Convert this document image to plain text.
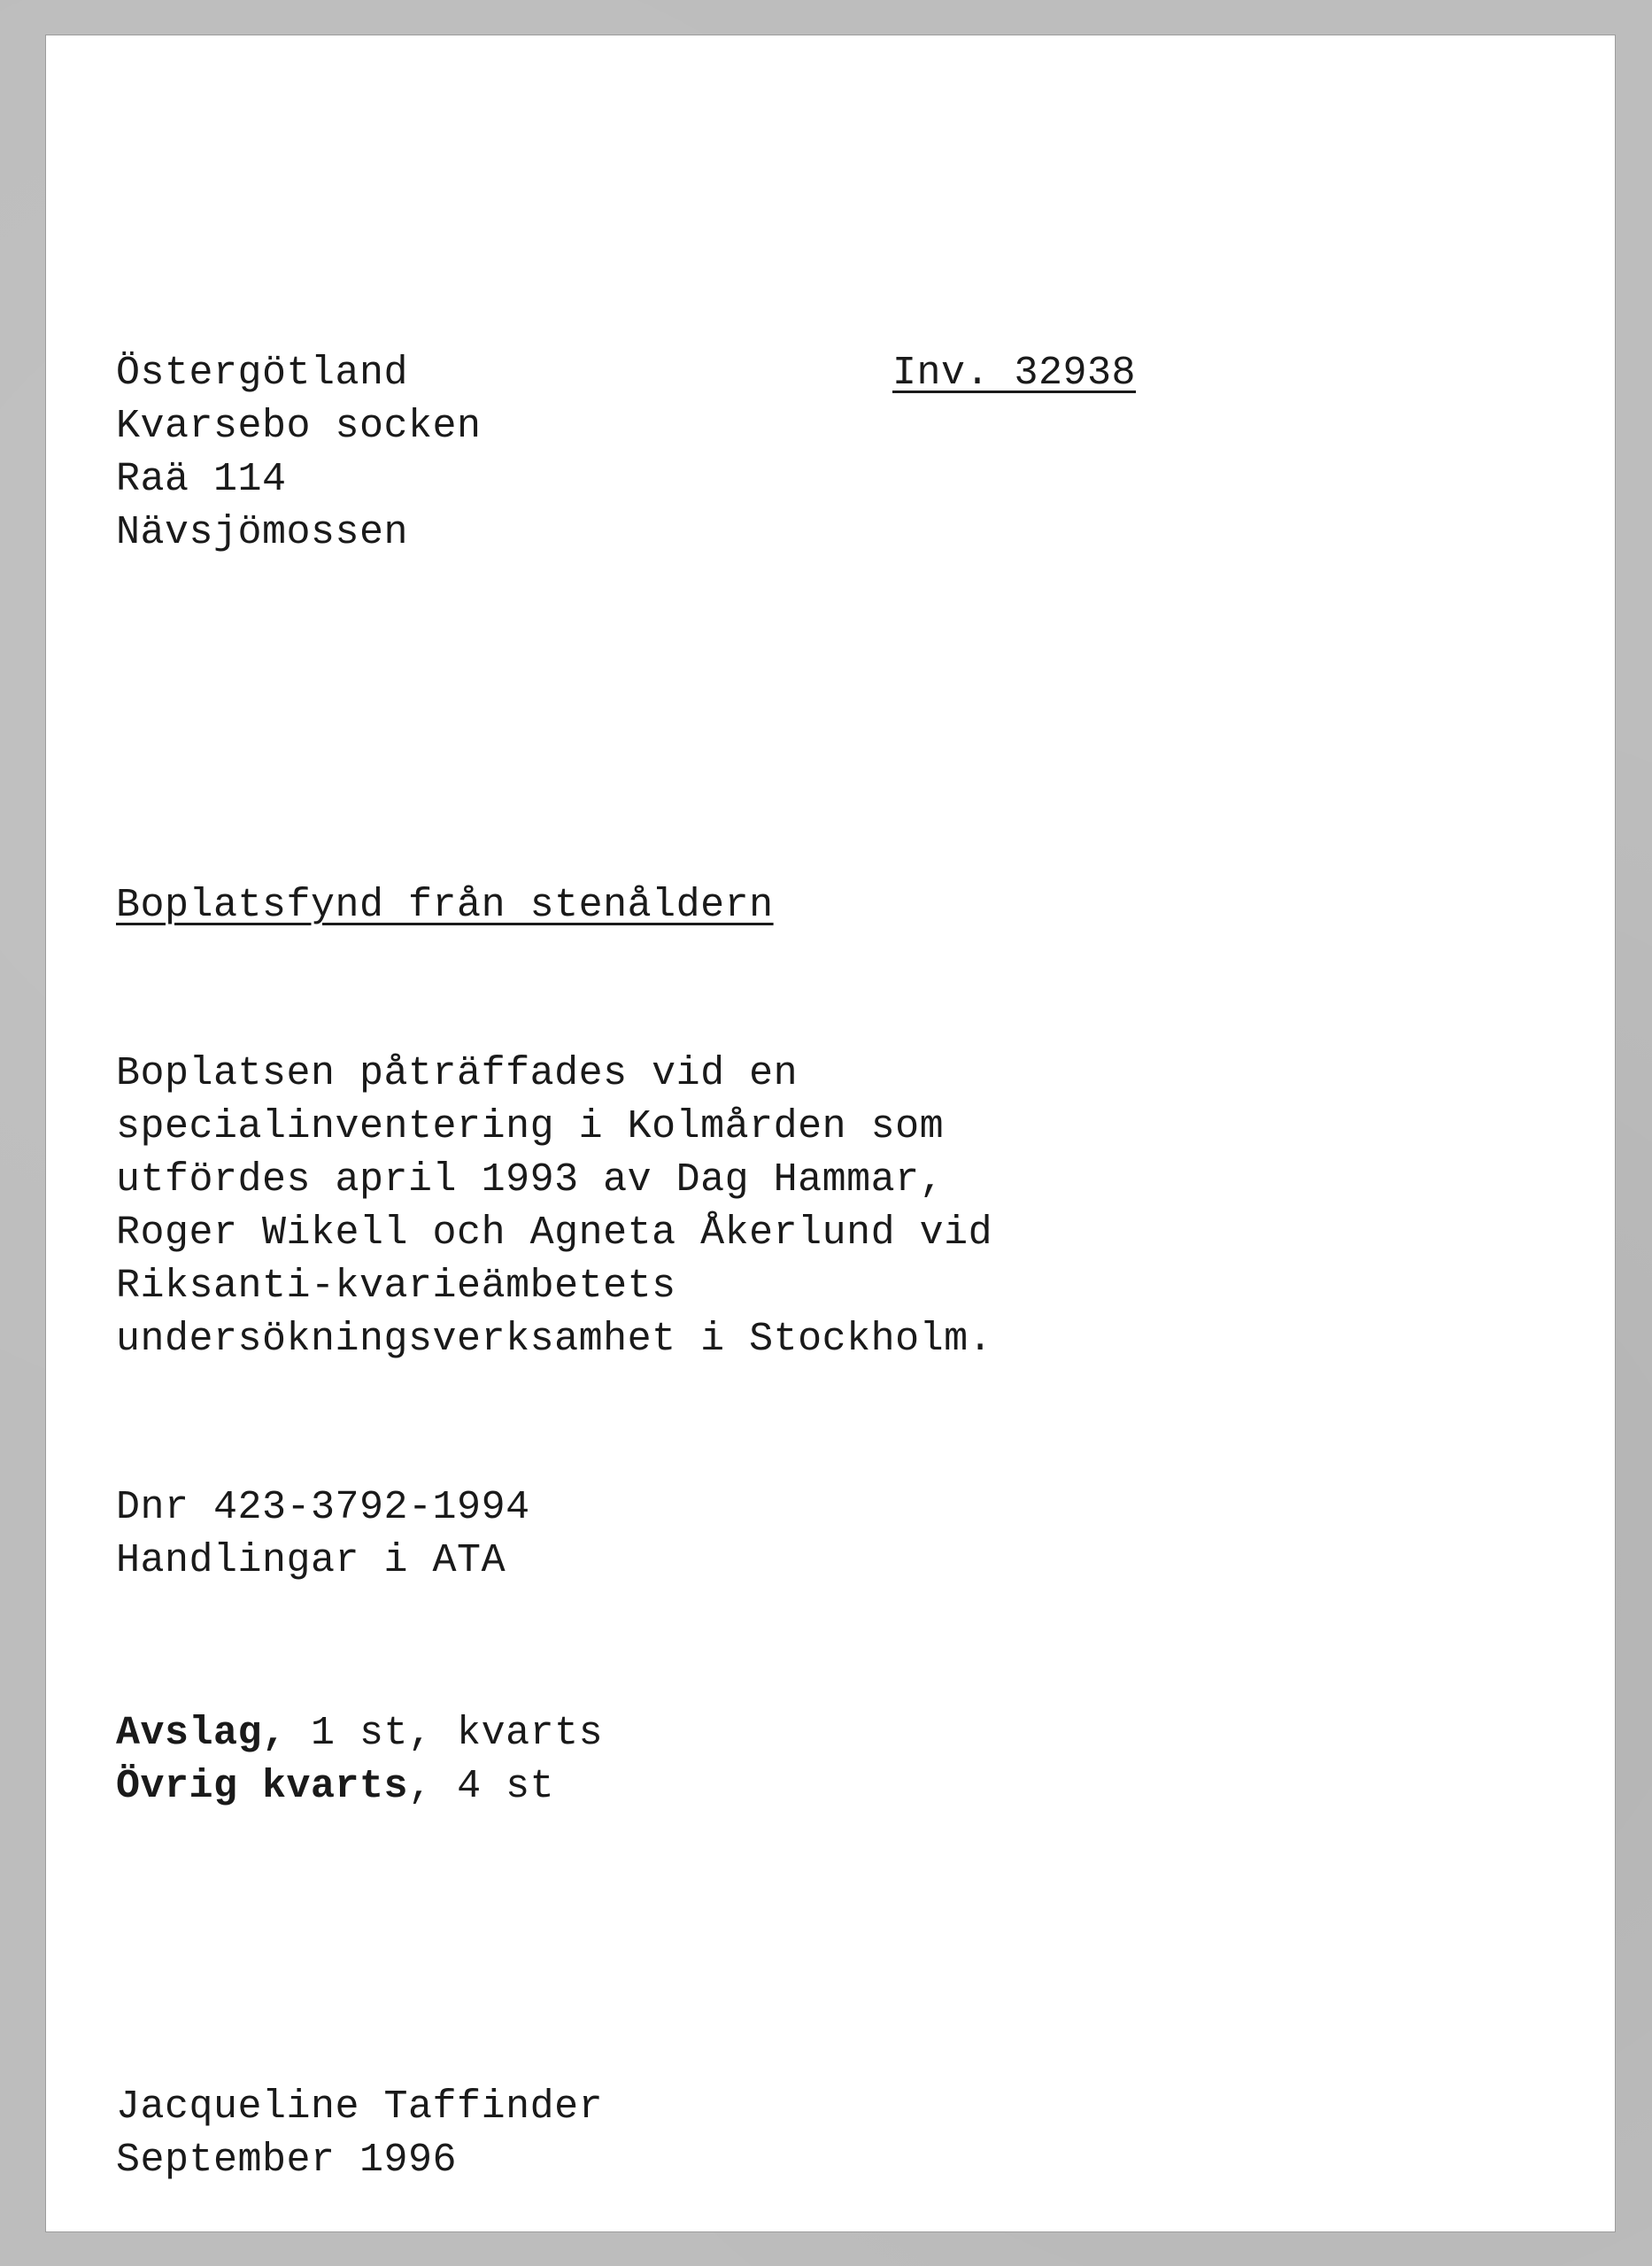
Östergötland	Inv. 32938
Kvarsebo socken
Raä 114
Nävsjömossen
Boplatsfynd från stenåldern
Boplatsen påträffades vid en
specialinventering i Kolmården som
utfördes april 1993 av Dag Hammar,
Roger Wikell och Agneta Åkerlund vid
Riksanti-kvarieämbetets
undersökningsverksamhet i Stockholm.
Dnr 423-3792-1994
Handlingar i ATA
Avslag, 1 st, kvarts
Övrig kvarts, 4 st
Jacqueline Taffinder
September 1996
